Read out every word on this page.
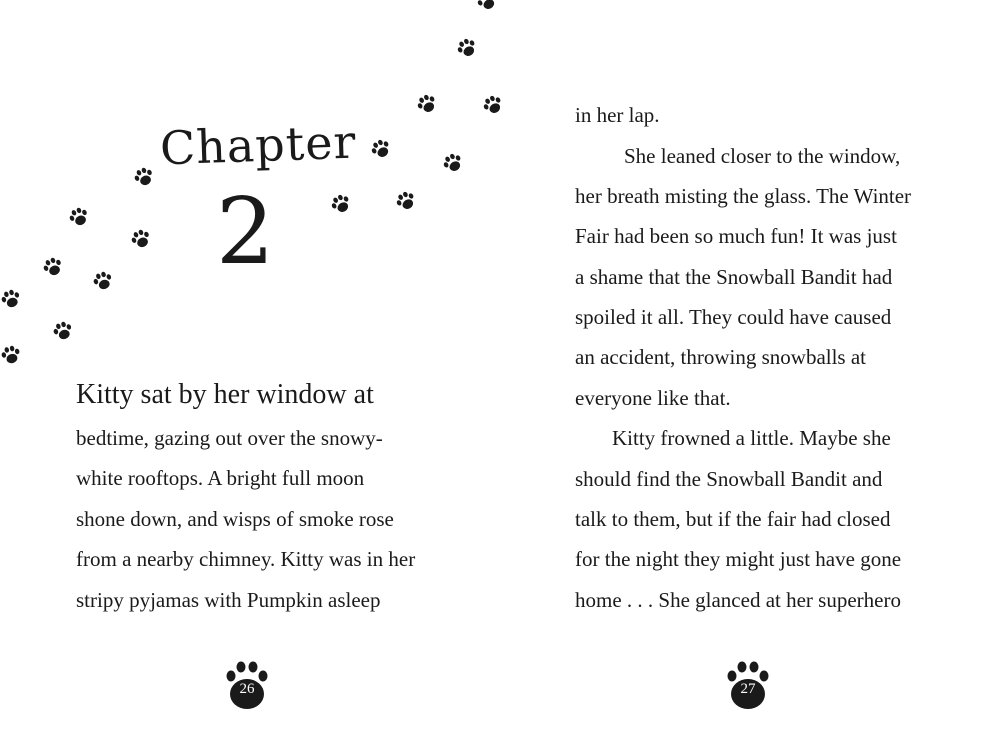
Chapter
2
Kitty sat by her window at
bedtime, gazing out over the snowy-
white rooftops. A bright full moon
shone down, and wisps of smoke rose
from a nearby chimney. Kitty was in her
stripy pyjamas with Pumpkin asleep
26
in her lap.
She leaned closer to the window,
her breath misting the glass. The Winter
Fair had been so much fun! It was just
a shame that the Snowball Bandit had
spoiled it all. They could have caused
an accident, throwing snowballs at
everyone like that.
Kitty frowned a little. Maybe she
should find the Snowball Bandit and
talk to them, but if the fair had closed
for the night they might just have gone
home . . . She glanced at her superhero
27
